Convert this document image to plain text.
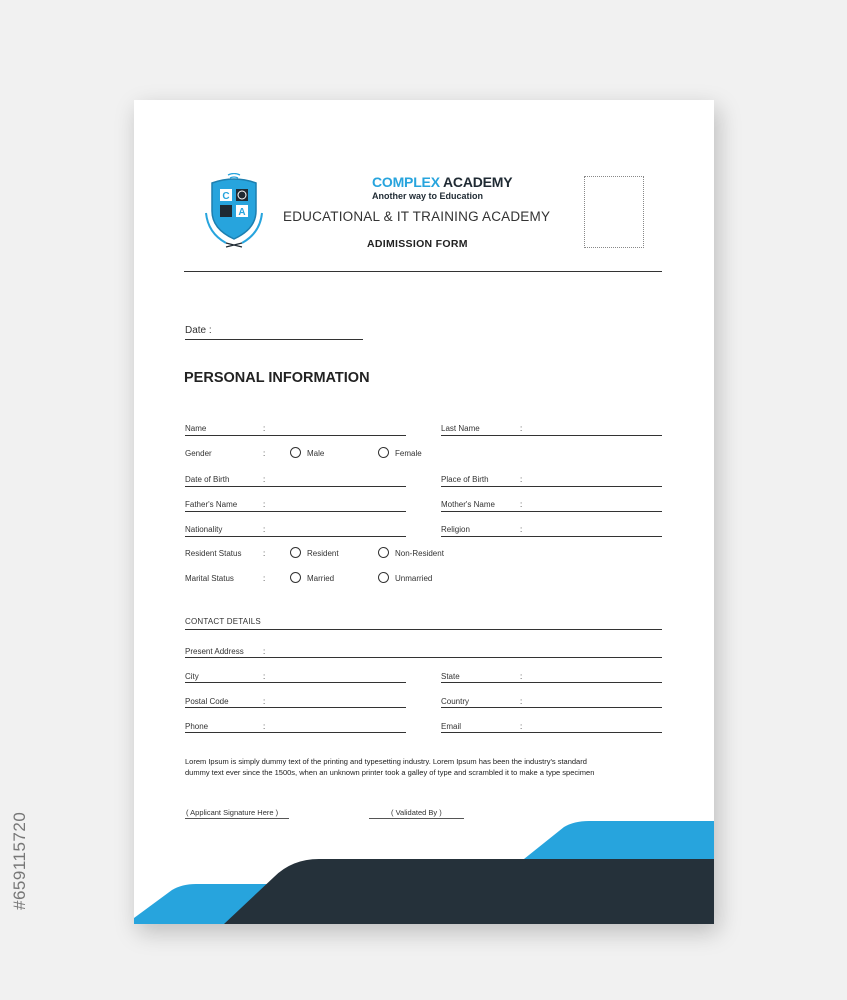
C
A
COMPLEX ACADEMY
Another way to Education
EDUCATIONAL & IT TRAINING ACADEMY
ADIMISSION FORM
Date :
PERSONAL INFORMATION
Name	:	Last Name	:
Gender	:	Male	Female
Date of Birth	:	Place of Birth	:
Father's Name	:	Mother's Name	:
Nationality	:	Religion	:
Resident Status	:	Resident	Non-Resident
Marital Status	:	Married	Unmarried
CONTACT DETAILS
Present Address :
City	:	State	:
Postal Code	:	Country	:
Phone	:	Email	:
Lorem Ipsum is simply dummy text of the printing and typesetting industry. Lorem Ipsum has been the industry's standard
dummy text ever since the 1500s, when an unknown printer took a galley of type and scrambled it to make a type specimen
( Applicant Signature Here )	( Validated By )
#659115720
